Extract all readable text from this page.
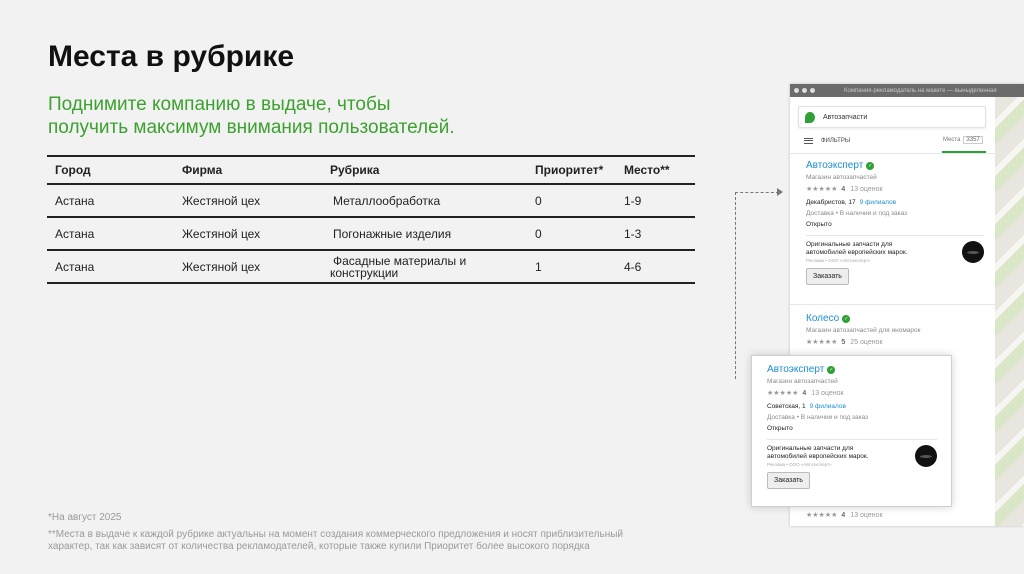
Места в рубрике
Поднимите компанию в выдаче, чтобы
получить максимум внимания пользователей.
Город	Фирма	Рубрика	Приоритет*	Место**
Астана	Жестяной цех	Металлообработка	0	1-9
Астана	Жестяной цех	Погонажные изделия	0	1-3
Астана	Жестяной цех	Фасадные материалы и
конструкции	1	4-6
*На август 2025
**Места в выдаче к каждой рубрике актуальны на момент создания коммерческого предложения и носят приблизительный
характер, так как зависят от количества рекламодателей, которые также купили Приоритет более высокого порядка
Компания-рекламодатель на макете — выныделенная
Автозапчасти
ФИЛЬТРЫ	Места	3357
Автоэксперт ✓
Магазин автозапчастей
★★★★★ 4 13 оценок
Декабристов, 17 9 филиалов
Доставка • В наличии и под заказ
Открыто
Оригинальные запчасти для
автомобилей европейских марок.
Реклама • ООО «Автоэксперт»
Заказать
Колесо ✓
Магазин автозапчастей для иномарок
★★★★★ 5 25 оценок
★★★★★ 4 13 оценок
Автоэксперт ✓
Магазин автозапчастей
★★★★★ 4 13 оценок
Советская, 1 9 филиалов
Доставка • В наличии и под заказ
Открыто
Оригинальные запчасти для
автомобилей европейских марок.
Реклама • ООО «Автоэксперт»
Заказать
